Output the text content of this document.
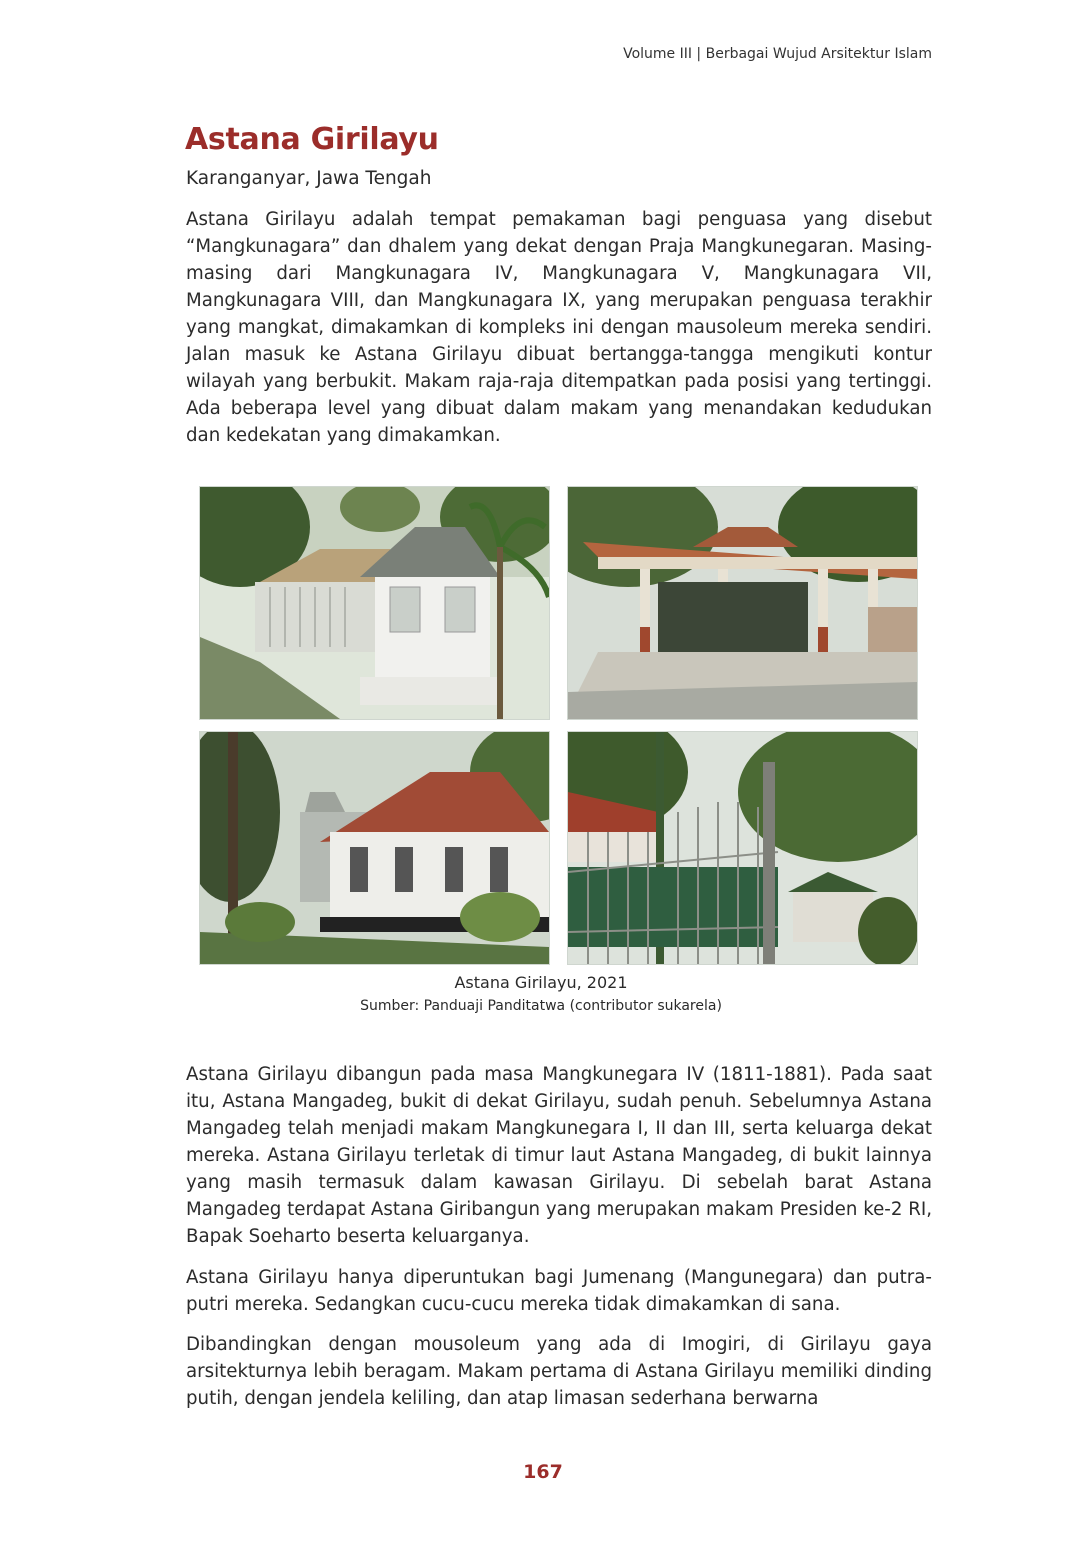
Volume III | Berbagai Wujud Arsitektur Islam
Astana Girilayu
Karanganyar, Jawa Tengah

Astana Girilayu adalah tempat pemakaman bagi penguasa yang disebut “Mangkunagara” dan dhalem yang dekat dengan Praja Mangkunegaran. Masing-masing dari Mangkunagara IV, Mangkunagara V, Mangkunagara VII, Mangkunagara VIII, dan Mangkunagara IX, yang merupakan penguasa terakhir yang mangkat, dimakamkan di kompleks ini dengan mausoleum mereka sendiri. Jalan masuk ke Astana Girilayu dibuat bertangga-tangga mengikuti kontur wilayah yang berbukit. Makam raja-raja ditempatkan pada posisi yang tertinggi. Ada beberapa level yang dibuat dalam makam yang menandakan kedudukan dan kedekatan yang dimakamkan.

Astana Girilayu, 2021
Sumber: Panduaji Panditatwa (contributor sukarela)

Astana Girilayu dibangun pada masa Mangkunegara IV (1811-1881). Pada saat itu, Astana Mangadeg, bukit di dekat Girilayu, sudah penuh. Sebelumnya Astana Mangadeg telah menjadi makam Mangkunegara I, II dan III, serta keluarga dekat mereka. Astana Girilayu terletak di timur laut Astana Mangadeg, di bukit lainnya yang masih termasuk dalam kawasan Girilayu. Di sebelah barat Astana Mangadeg terdapat Astana Giribangun yang merupakan makam Presiden ke-2 RI, Bapak Soeharto beserta keluarganya.

Astana Girilayu hanya diperuntukan bagi Jumenang (Mangunegara) dan putra-putri mereka. Sedangkan cucu-cucu mereka tidak dimakamkan di sana.

Dibandingkan dengan mousoleum yang ada di Imogiri, di Girilayu gaya arsitekturnya lebih beragam. Makam pertama di Astana Girilayu memiliki dinding putih, dengan jendela keliling, dan atap limasan sederhana berwarna

167
